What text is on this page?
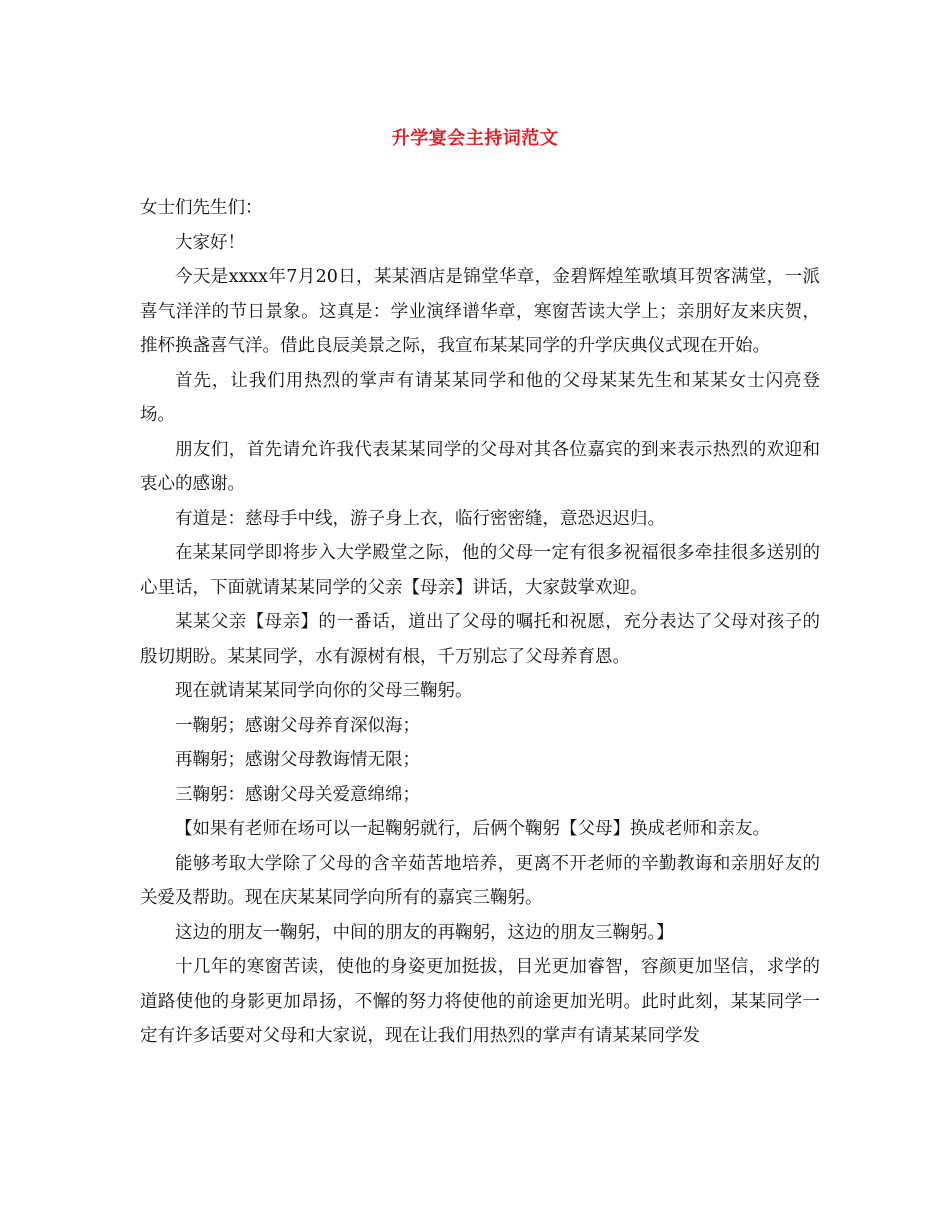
升学宴会主持词范文

女士们先生们：

大家好！

今天是xxxx年7月20日，某某酒店是锦堂华章，金碧辉煌笙歌填耳贺客满堂，一派喜气洋洋的节日景象。这真是：学业演绎谱华章，寒窗苦读大学上；亲朋好友来庆贺，推杯换盏喜气洋。借此良辰美景之际，我宣布某某同学的升学庆典仪式现在开始。

首先，让我们用热烈的掌声有请某某同学和他的父母某某先生和某某女士闪亮登场。

朋友们，首先请允许我代表某某同学的父母对其各位嘉宾的到来表示热烈的欢迎和衷心的感谢。

有道是：慈母手中线，游子身上衣，临行密密缝，意恐迟迟归。

在某某同学即将步入大学殿堂之际，他的父母一定有很多祝福很多牵挂很多送别的心里话，下面就请某某同学的父亲【母亲】讲话，大家鼓掌欢迎。

某某父亲【母亲】的一番话，道出了父母的嘱托和祝愿，充分表达了父母对孩子的殷切期盼。某某同学，水有源树有根，千万别忘了父母养育恩。

现在就请某某同学向你的父母三鞠躬。

一鞠躬；感谢父母养育深似海；

再鞠躬；感谢父母教诲情无限；

三鞠躬：感谢父母关爱意绵绵；

【如果有老师在场可以一起鞠躬就行，后俩个鞠躬【父母】换成老师和亲友。

能够考取大学除了父母的含辛茹苦地培养，更离不开老师的辛勤教诲和亲朋好友的关爱及帮助。现在庆某某同学向所有的嘉宾三鞠躬。

这边的朋友一鞠躬，中间的朋友的再鞠躬，这边的朋友三鞠躬。】

十几年的寒窗苦读，使他的身姿更加挺拔，目光更加睿智，容颜更加坚信，求学的道路使他的身影更加昂扬，不懈的努力将使他的前途更加光明。此时此刻，某某同学一定有许多话要对父母和大家说，现在让我们用热烈的掌声有请某某同学发
